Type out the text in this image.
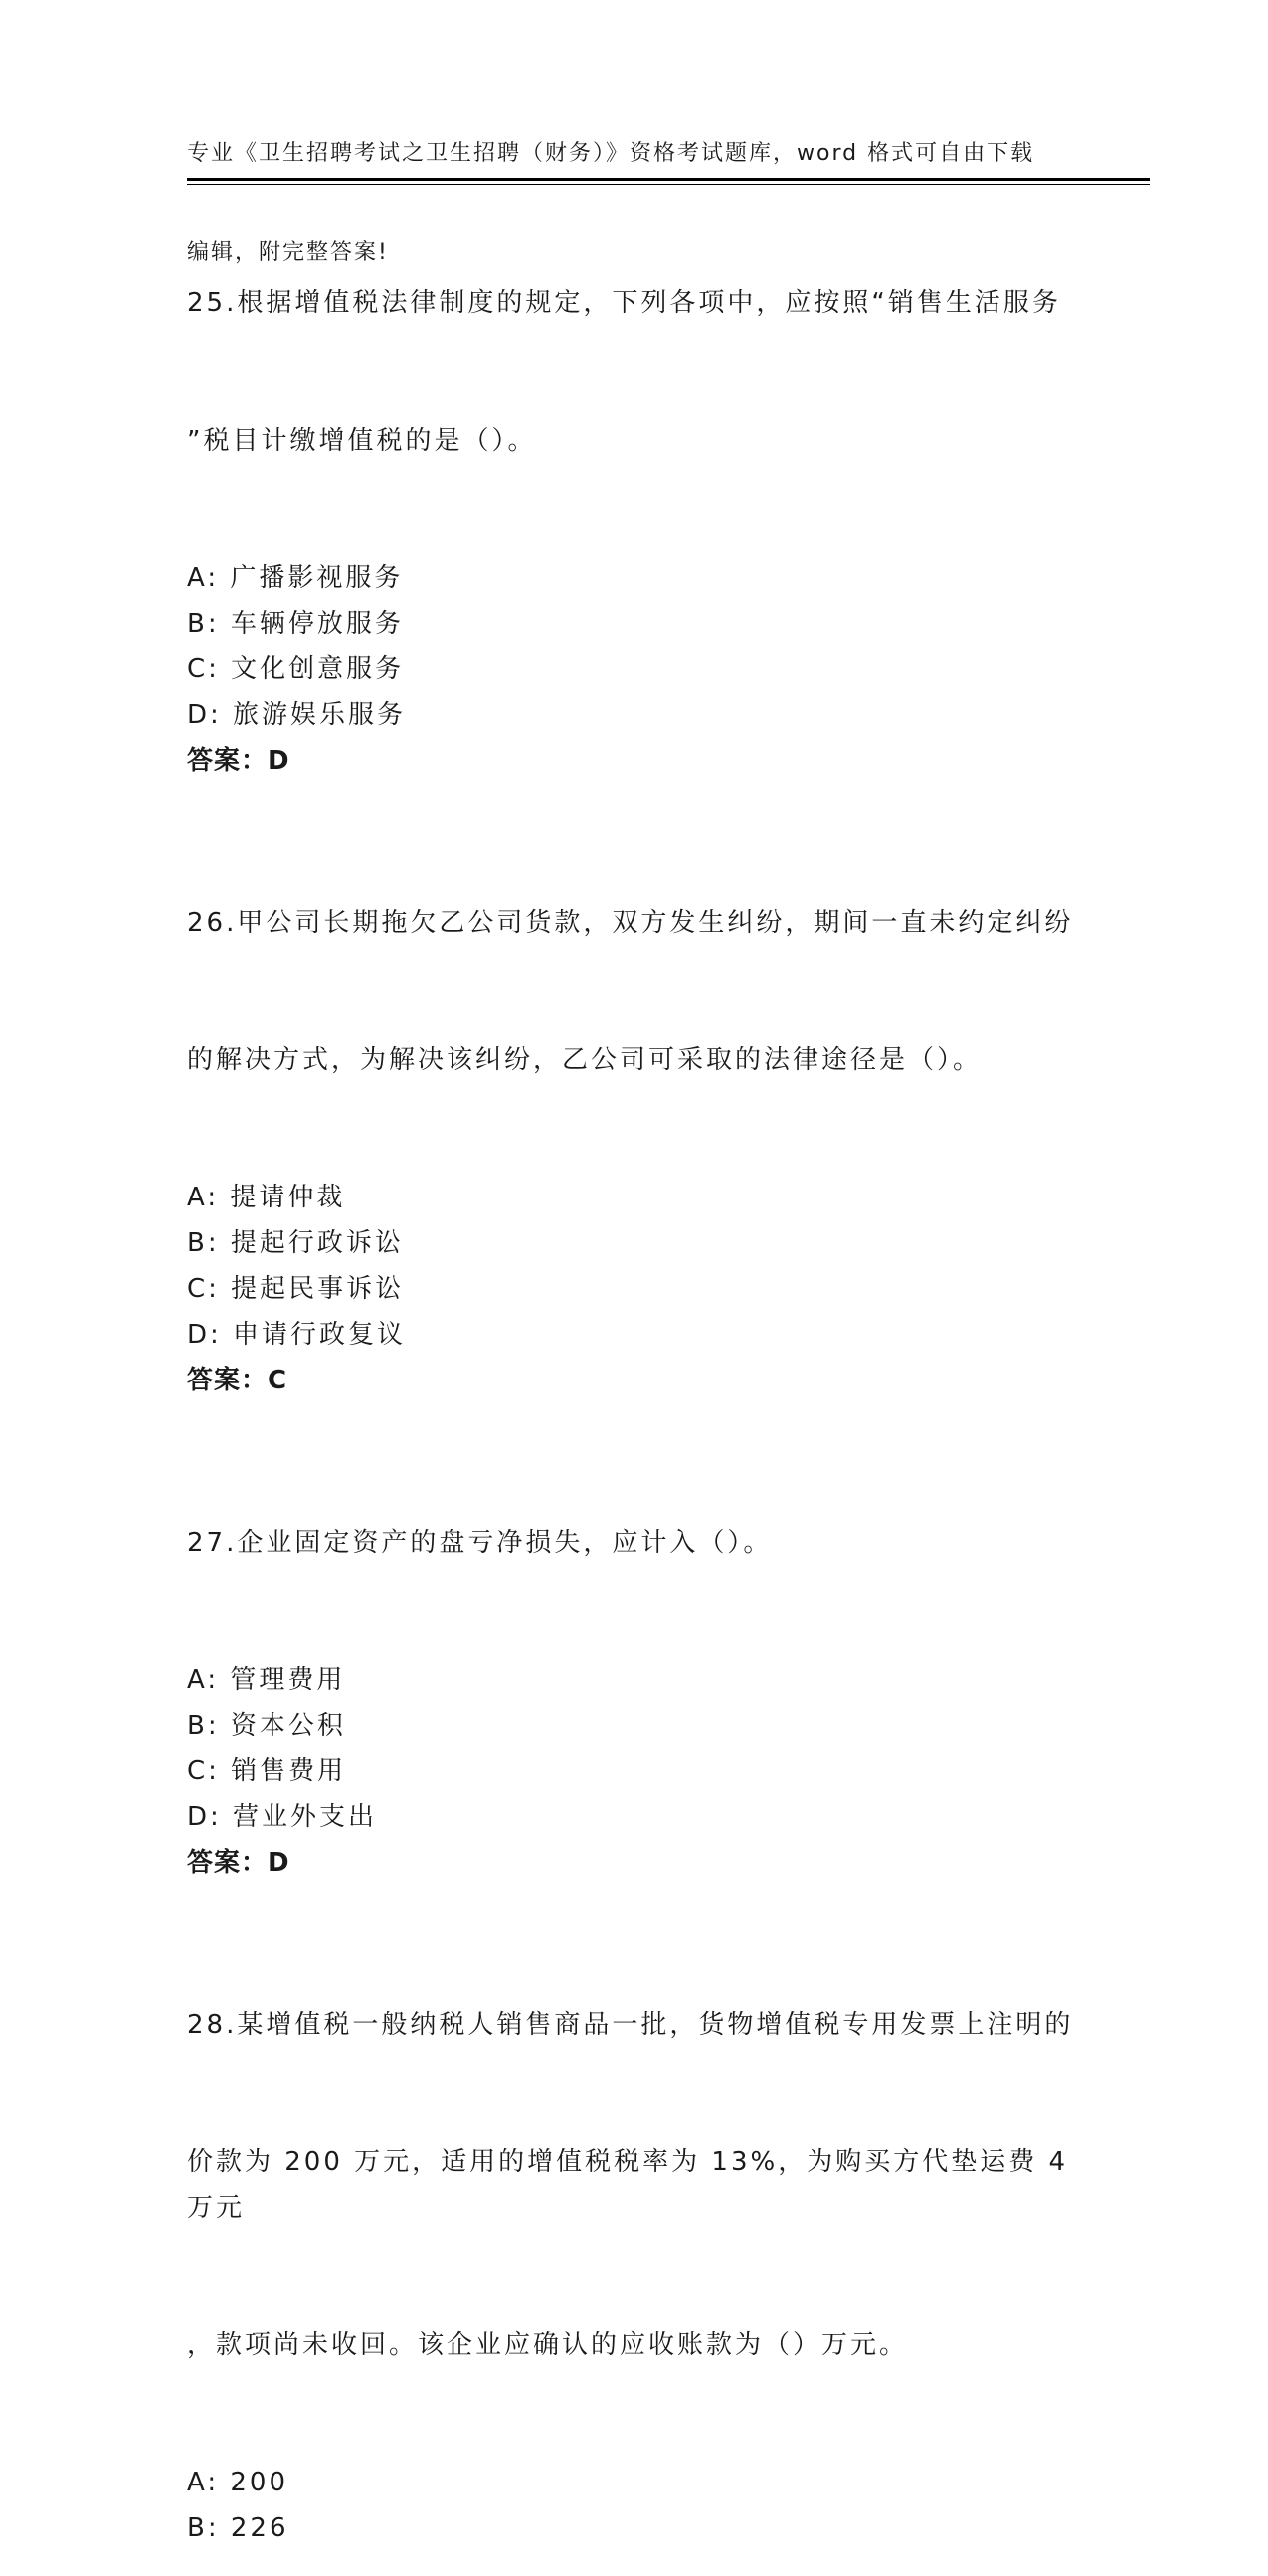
专业《卫生招聘考试之卫生招聘（财务）》资格考试题库，word 格式可自由下载

编辑，附完整答案!

25.根据增值税法律制度的规定，下列各项中，应按照“销售生活服务

”税目计缴增值税的是（）。

A: 广播影视服务
B: 车辆停放服务
C: 文化创意服务
D: 旅游娱乐服务
答案：D

26.甲公司长期拖欠乙公司货款，双方发生纠纷，期间一直未约定纠纷

的解决方式，为解决该纠纷，乙公司可采取的法律途径是（）。

A: 提请仲裁
B: 提起行政诉讼
C: 提起民事诉讼
D: 申请行政复议
答案：C

27.企业固定资产的盘亏净损失，应计入（）。

A: 管理费用
B: 资本公积
C: 销售费用
D: 营业外支出
答案：D

28.某增值税一般纳税人销售商品一批，货物增值税专用发票上注明的

价款为 200 万元，适用的增值税税率为 13%，为购买方代垫运费 4 万元

，款项尚未收回。该企业应确认的应收账款为（）万元。

A: 200
B: 226
